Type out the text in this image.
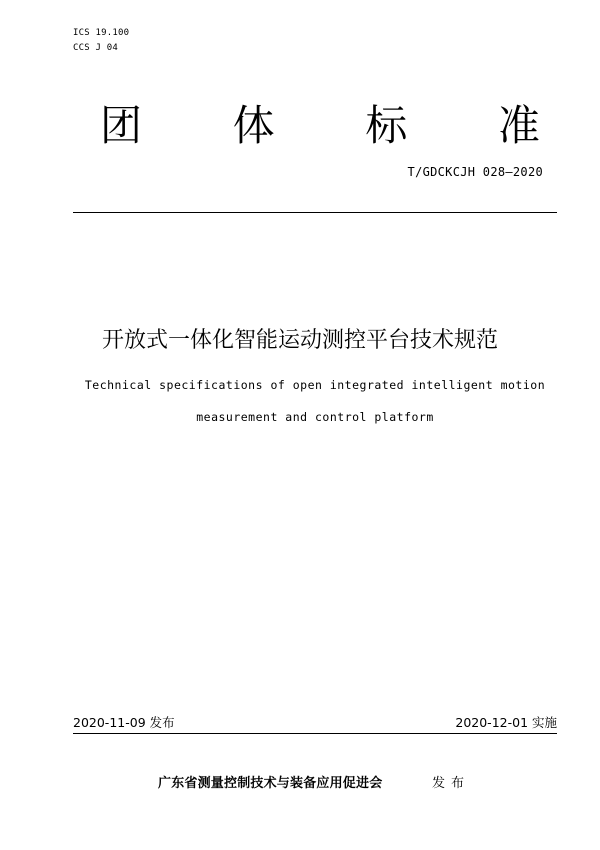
ICS 19.100
CCS J 04
团 体 标 准
T/GDCKCJH 028—2020
开放式一体化智能运动测控平台技术规范
Technical specifications of open integrated intelligent motion
measurement and control platform
2020-11-09 发布	2020-12-01 实施
广东省测量控制技术与装备应用促进会	发布
